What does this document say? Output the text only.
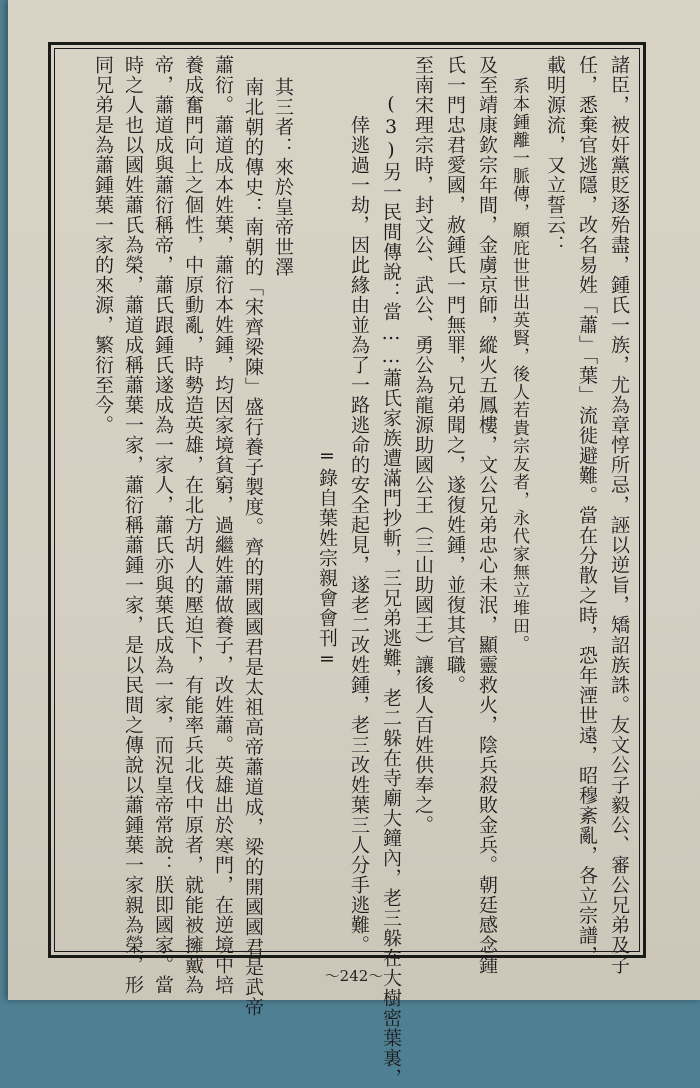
諸臣，被奸黨貶逐殆盡，鍾氏一族，尤為章惇所忌，誣以逆旨，矯詔族誅。友文公子毅公、審公兄弟及子
任，悉棄官逃隱，改名易姓「蕭」「葉」流徙避難。當在分散之時，恐年湮世遠，昭穆紊亂，各立宗譜，
載明源流，又立誓云：
系本鍾離一脈傳，願庇世世出英賢，後人若貴宗友者，永代家無立堆田。
及至靖康欽宗年間，金虜京師，縱火五鳳樓，文公兄弟忠心未泯，顯靈救火，陰兵殺敗金兵。朝廷感念鍾
氏一門忠君愛國，赦鍾氏一門無罪，兄弟聞之，遂復姓鍾，並復其官職。
至南宋理宗時，封文公、武公、勇公為龍源助國公王（三山助國王）讓後人百姓供奉之。
(3)另一民間傳說：當……蕭氏家族遭滿門抄斬，三兄弟逃難，老二躲在寺廟大鐘內，老三躲在大樹密葉裏，
倖逃過一劫，因此緣由並為了一路逃命的安全起見，遂老二改姓鍾，老三改姓葉三人分手逃難。
=錄自葉姓宗親會會刊=
其三者：來於皇帝世澤
南北朝的傳史：南朝的「宋齊梁陳」盛行養子製度。齊的開國國君是太祖高帝蕭道成，梁的開國國君是武帝
蕭衍。蕭道成本姓葉，蕭衍本姓鍾，均因家境貧窮，過繼姓蕭做養子，改姓蕭。英雄出於寒門，在逆境中培
養成奮門向上之個性，中原動亂，時勢造英雄，在北方胡人的壓迫下，有能率兵北伐中原者，就能被擁戴為
帝，蕭道成與蕭衍稱帝，蕭氏跟鍾氏遂成為一家人，蕭氏亦與葉氏成為一家，而況皇帝常說：朕即國家。當
時之人也以國姓蕭氏為榮，蕭道成稱蕭葉一家，蕭衍稱蕭鍾一家，是以民間之傳說以蕭鍾葉一家親為榮，形
同兄弟是為蕭鍾葉一家的來源，繁衍至今。
～242～
